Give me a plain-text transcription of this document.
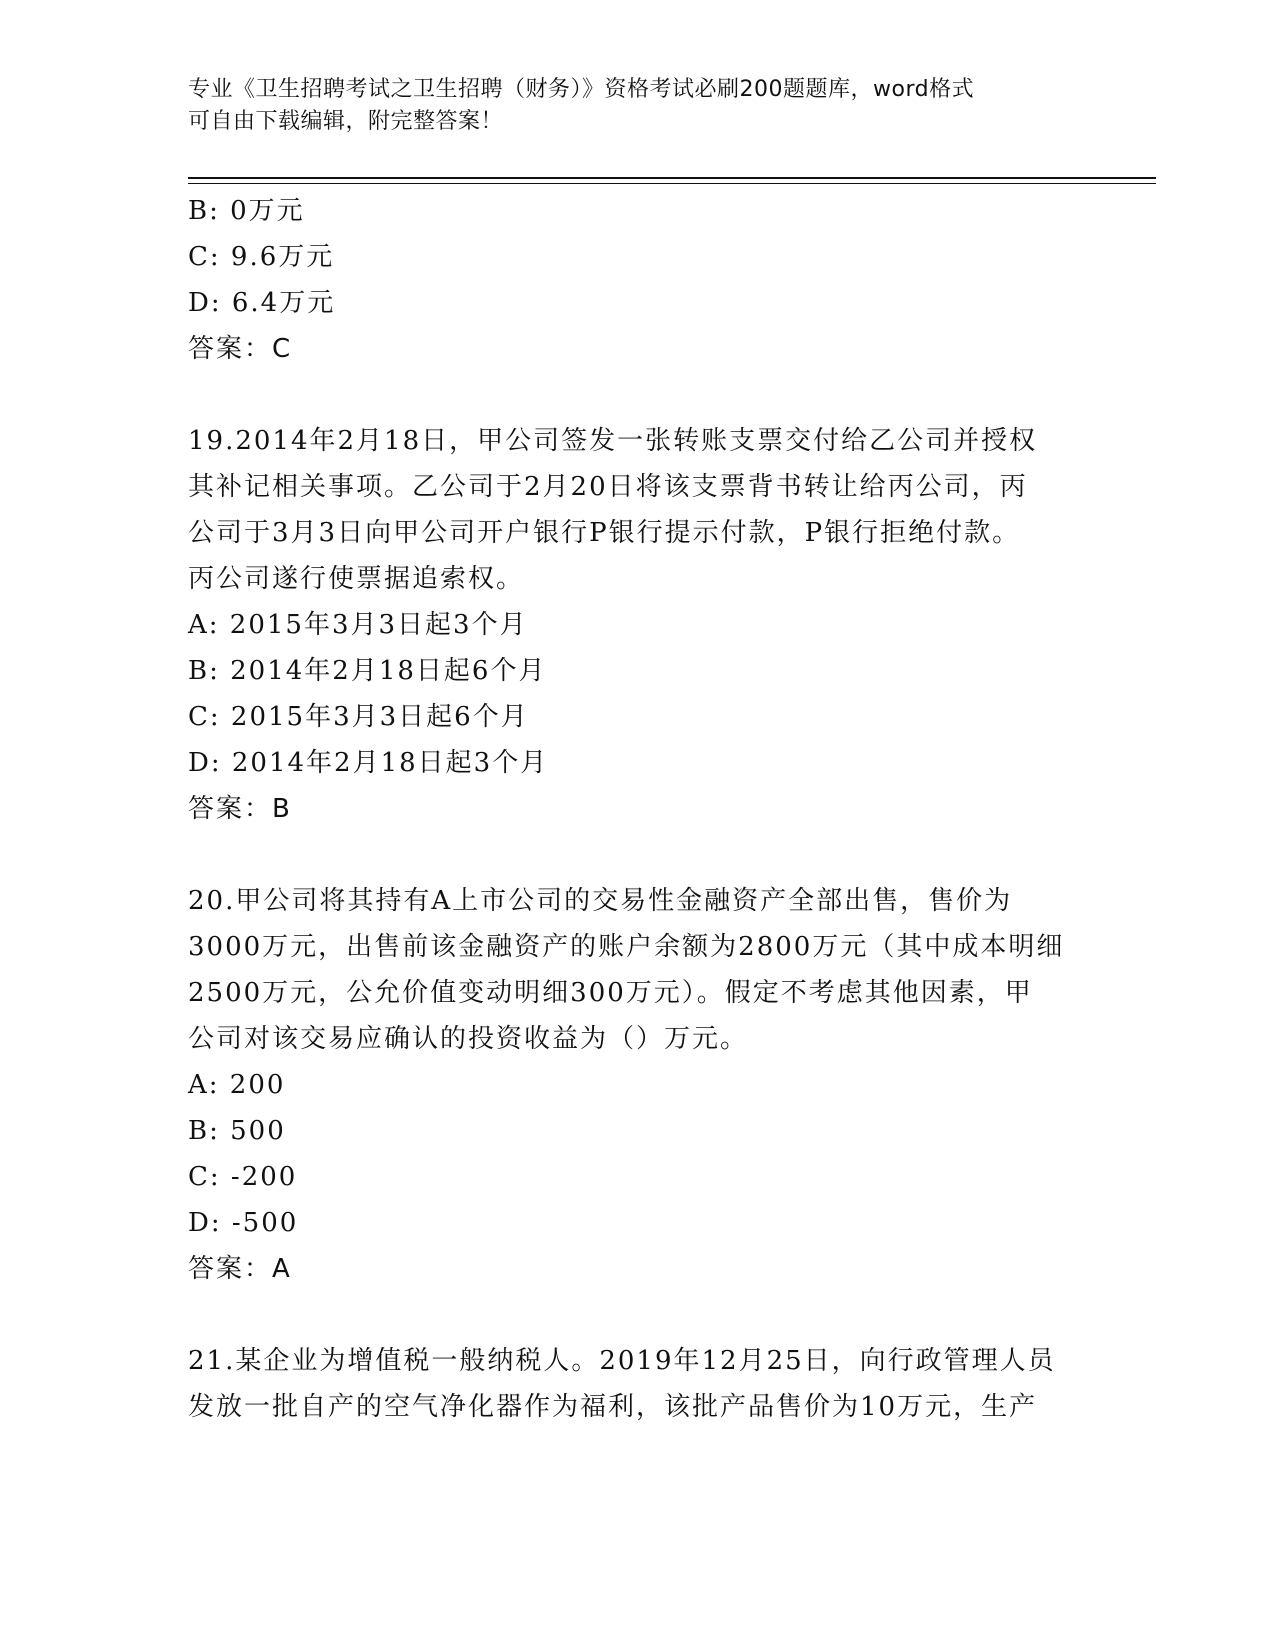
专业《卫生招聘考试之卫生招聘（财务）》资格考试必刷200题题库，word格式
可自由下载编辑，附完整答案！
B: 0万元
C: 9.6万元
D: 6.4万元
答案：C
19.2014年2月18日，甲公司签发一张转账支票交付给乙公司并授权
其补记相关事项。乙公司于2月20日将该支票背书转让给丙公司，丙
公司于3月3日向甲公司开户银行P银行提示付款，P银行拒绝付款。
丙公司遂行使票据追索权。
A: 2015年3月3日起3个月
B: 2014年2月18日起6个月
C: 2015年3月3日起6个月
D: 2014年2月18日起3个月
答案：B
20.甲公司将其持有A上市公司的交易性金融资产全部出售，售价为
3000万元，出售前该金融资产的账户余额为2800万元（其中成本明细
2500万元，公允价值变动明细300万元）。假定不考虑其他因素，甲
公司对该交易应确认的投资收益为（）万元。
A: 200
B: 500
C: -200
D: -500
答案：A
21.某企业为增值税一般纳税人。2019年12月25日，向行政管理人员
发放一批自产的空气净化器作为福利，该批产品售价为10万元，生产
